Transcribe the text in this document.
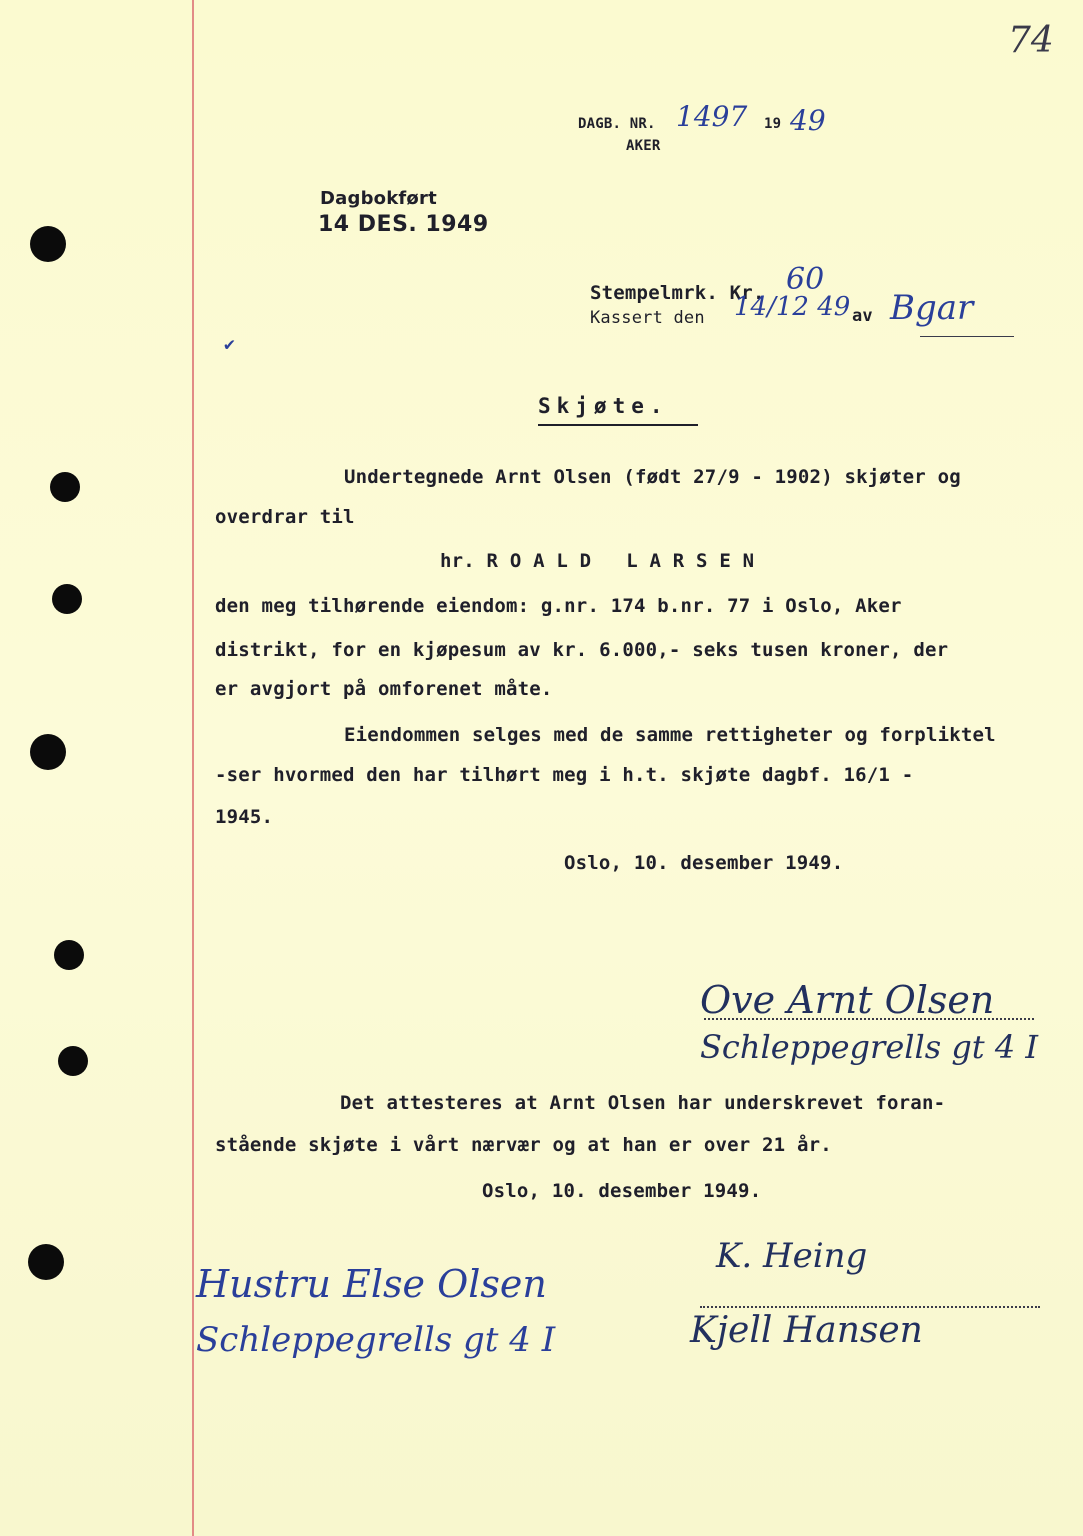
74
DAGB. NR. 1497 19 49
AKER
Dagbokført
14 DES. 1949
Stempelmrk. Kr. 60
Kassert den 14/12 49 av Bgar
✔
Skjøte.
Undertegnede Arnt Olsen (født 27/9 - 1902) skjøter og
overdrar til
hr. R O A L D   L A R S E N
den meg tilhørende eiendom: g.nr. 174 b.nr. 77 i Oslo, Aker
distrikt, for en kjøpesum av kr. 6.000,- seks tusen kroner, der
er avgjort på omforenet måte.
Eiendommen selges med de samme rettigheter og forpliktel
-ser hvormed den har tilhørt meg i h.t. skjøte dagbf. 16/1 -
1945.
Oslo, 10. desember 1949.
Ove Arnt Olsen
Schleppegrells gt 4 I
Det attesteres at Arnt Olsen har underskrevet foran-
stående skjøte i vårt nærvær og at han er over 21 år.
Oslo, 10. desember 1949.
Hustru Else Olsen
Schleppegrells gt 4 I
K. Heing
Kjell Hansen
